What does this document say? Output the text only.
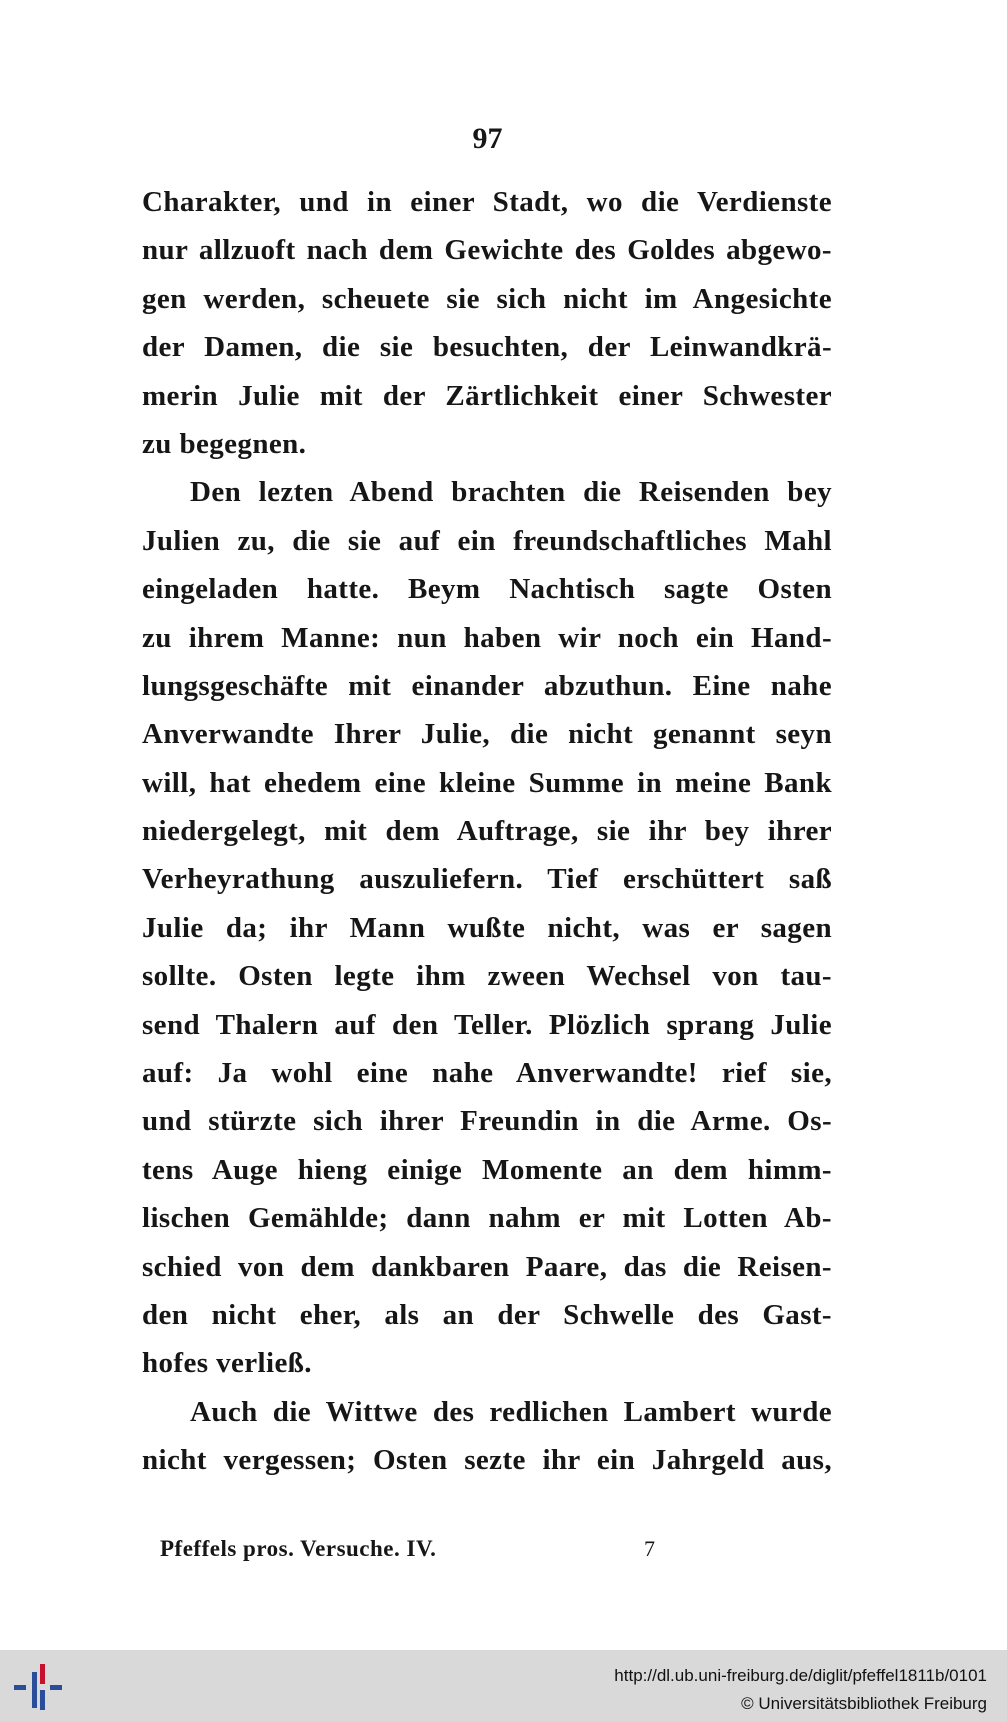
97
Charakter, und in einer Stadt, wo die Verdienste
nur allzuoft nach dem Gewichte des Goldes abgewo-
gen werden, scheuete sie sich nicht im Angesichte
der Damen, die sie besuchten, der Leinwandkrä-
merin Julie mit der Zärtlichkeit einer Schwester
zu begegnen.
Den lezten Abend brachten die Reisenden bey
Julien zu, die sie auf ein freundschaftliches Mahl
eingeladen hatte. Beym Nachtisch sagte Osten
zu ihrem Manne: nun haben wir noch ein Hand-
lungsgeschäfte mit einander abzuthun. Eine nahe
Anverwandte Ihrer Julie, die nicht genannt seyn
will, hat ehedem eine kleine Summe in meine Bank
niedergelegt, mit dem Auftrage, sie ihr bey ihrer
Verheyrathung auszuliefern. Tief erschüttert saß
Julie da; ihr Mann wußte nicht, was er sagen
sollte. Osten legte ihm zween Wechsel von tau-
send Thalern auf den Teller. Plözlich sprang Julie
auf: Ja wohl eine nahe Anverwandte! rief sie,
und stürzte sich ihrer Freundin in die Arme. Os-
tens Auge hieng einige Momente an dem himm-
lischen Gemählde; dann nahm er mit Lotten Ab-
schied von dem dankbaren Paare, das die Reisen-
den nicht eher, als an der Schwelle des Gast-
hofes verließ.
Auch die Wittwe des redlichen Lambert wurde
nicht vergessen; Osten sezte ihr ein Jahrgeld aus,
Pfeffels pros. Versuche. IV.	7
http://dl.ub.uni-freiburg.de/diglit/pfeffel1811b/0101
© Universitätsbibliothek Freiburg
